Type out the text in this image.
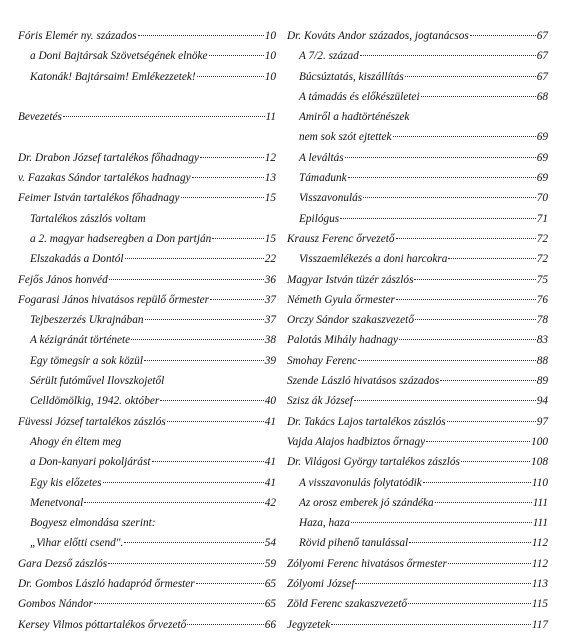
Fóris Elemér ny. százados	10
a Doni Bajtársak Szövetségének elnöke	10
Katonák! Bajtársaim! Emlékezzetek!	10
Bevezetés	11
Dr. Drabon József tartalékos főhadnagy	12
v. Fazakas Sándor tartalékos hadnagy	13
Feimer István tartalékos főhadnagy	15
Tartalékos zászlós voltam
a 2. magyar hadseregben a Don partján	15
Elszakadás a Dontól	22
Fejős János honvéd	36
Fogarasi János hivatásos repülő őrmester	37
Tejbeszerzés Ukrajnában	37
A kézigránát története	38
Egy tömegsír a sok közül	39
Sérült futóművel Ilovszkojetől
Celldömölkig, 1942. október	40
Füvessi József tartalékos zászlós	41
Ahogy én éltem meg
a Don-kanyari pokoljárást	41
Egy kis előzetes	41
Menetvonal	42
Bogyesz elmondása szerint:
„Vihar előtti csend".	54
Gara Dezső zászlós	59
Dr. Gombos László hadapród őrmester	65
Gombos Nándor	65
Kersey Vilmos póttartalékos őrvezető	66
Dr. Kováts Andor százados, jogtanácsos	67
A 7/2. század	67
Búcsúztatás, kiszállítás	67
A támadás és előkészületei	68
Amiről a hadtörténészek
nem sok szót ejtettek	69
A leváltás	69
Támadunk	69
Visszavonulás	70
Epilógus	71
Krausz Ferenc őrvezető	72
Visszaemlékezés a doni harcokra	72
Magyar István tüzér zászlós	75
Németh Gyula őrmester	76
Orczy Sándor szakaszvezető	78
Palotás Mihály hadnagy	83
Smohay Ferenc	88
Szende László hivatásos százados	89
Szisz ák József	94
Dr. Takács Lajos tartalékos zászlós	97
Vajda Alajos hadbiztos őrnagy	100
Dr. Világosi György tartalékos zászlós	108
A visszavonulás folytatódik	110
Az orosz emberek jó szándéka	111
Haza, haza	111
Rövid pihenő tanulással	112
Zólyomi Ferenc hivatásos őrmester	112
Zólyomi József	113
Zöld Ferenc szakaszvezető	115
Jegyzetek	117
